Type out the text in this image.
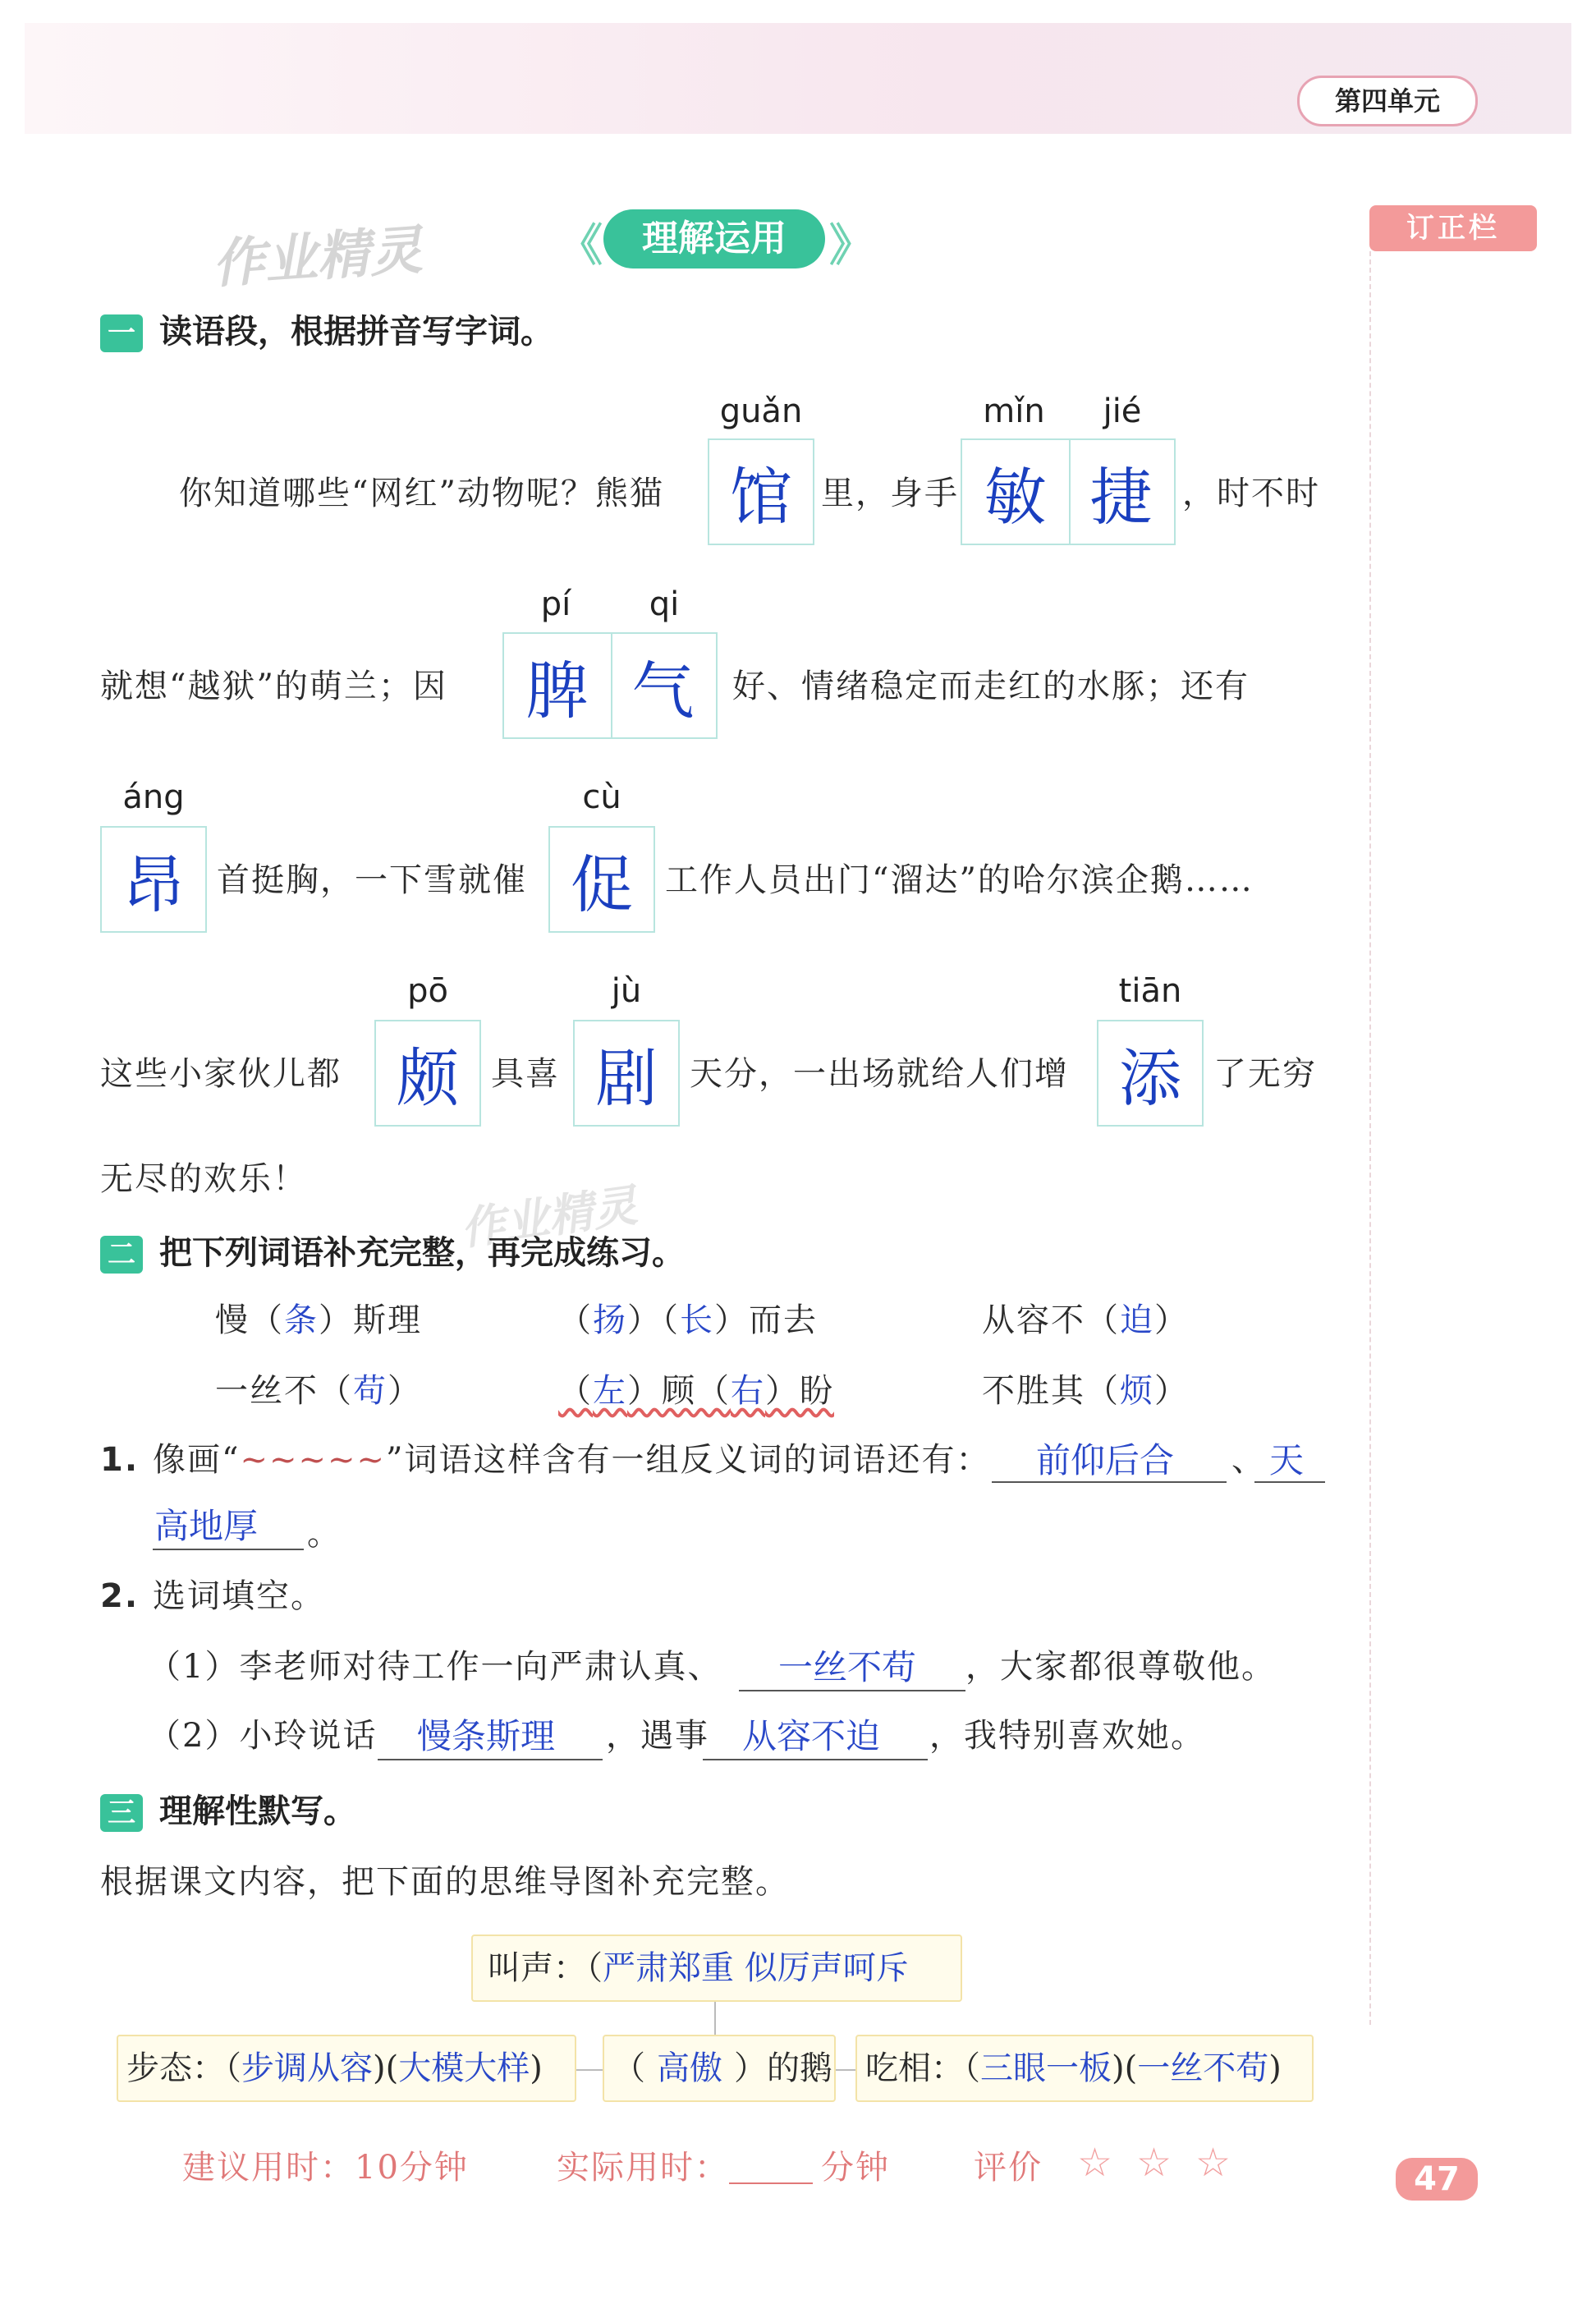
第四单元
订正栏
作业精灵
作业精灵
《	理解运用 》
一 读语段，根据拼音写字词。
guǎn	mǐn	jié
你知道哪些“网红”动物呢？熊猫 馆 里，身手 敏 捷 ，时不时
pí	qi
就想“越狱”的萌兰；因	脾 气	好、情绪稳定而走红的水豚；还有
áng	cù
昂 首挺胸，一下雪就催 促 工作人员出门“溜达”的哈尔滨企鹅……
pō	jù	tiān
这些小家伙儿都 颇 具喜 剧 天分，一出场就给人们增 添 了无穷
无尽的欢乐！
二 把下列词语补充完整，再完成练习。
慢（条）斯理	（扬）（长）而去	从容不（迫）
一丝不（苟）	（左）顾（右）盼	不胜其（烦）
1. 像画“~~~~~”词语这样含有一组反义词的词语还有： 前仰后合 、 天
高地厚 。
2. 选词填空。
（1）李老师对待工作一向严肃认真、 一丝不苟 ，大家都很尊敬他。
（2）小玲说话 慢条斯理 ，遇事 从容不迫 ，我特别喜欢她。
三 理解性默写。
根据课文内容，把下面的思维导图补充完整。
叫声：（严肃郑重 似厉声呵斥
步态：（步调从容)(大模大样)	（ 高傲 ）的鹅	吃相：（三眼一板)(一丝不苟)
建议用时：10分钟	实际用时：	分钟	评价 ☆ ☆ ☆	47
